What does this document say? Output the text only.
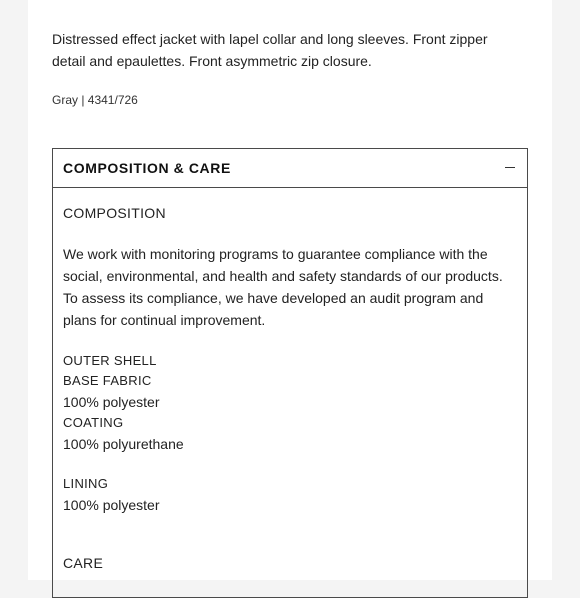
Distressed effect jacket with lapel collar and long sleeves. Front zipper detail and epaulettes. Front asymmetric zip closure.

Gray | 4341/726
COMPOSITION & CARE
COMPOSITION

We work with monitoring programs to guarantee compliance with the social, environmental, and health and safety standards of our products. To assess its compliance, we have developed an audit program and plans for continual improvement.

OUTER SHELL
BASE FABRIC
100% polyester
COATING
100% polyurethane
LINING
100% polyester
CARE
